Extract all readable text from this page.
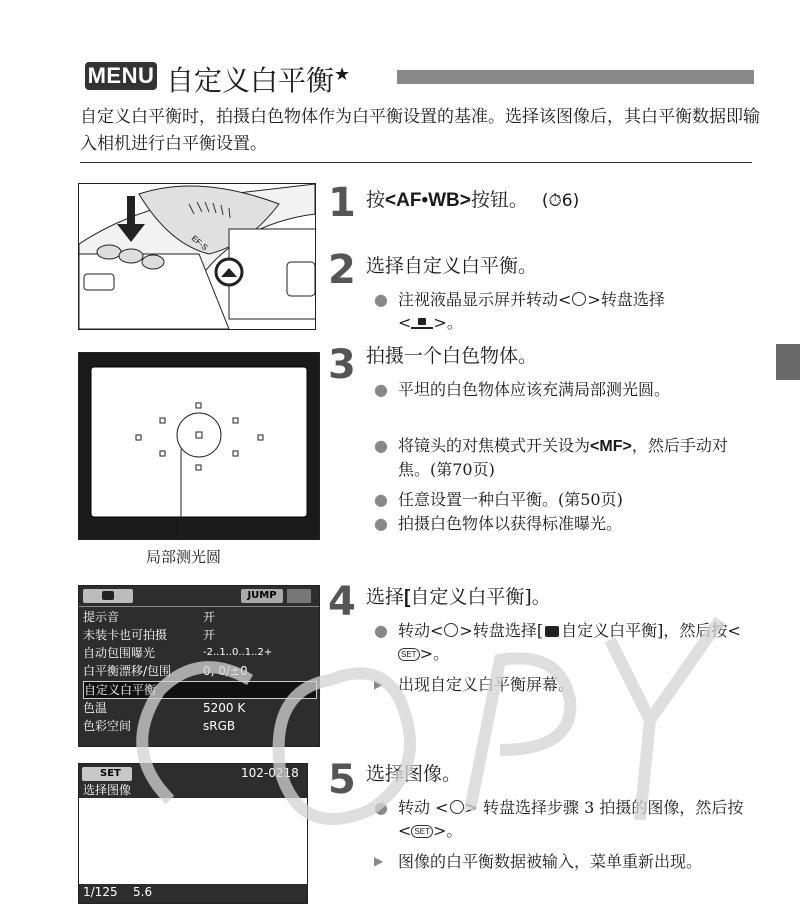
MENU 自定义白平衡★
自定义白平衡时，拍摄白色物体作为白平衡设置的基准。选择该图像后，其白平衡数据即输入相机进行白平衡设置。
EF-S
局部测光圆
JUMP
提示音	开
未装卡也可拍摄	开
自动包围曝光	-2..1..0..1..2+
白平衡漂移/包围	0, 0/±0
自定义白平衡
色温	5200 K
色彩空间	sRGB
SET	102-0218
选择图像
1/125 5.6
1 按<AF•WB>按钮。 (⏱6)
2 选择自定义白平衡。
● 注视液晶显示屏并转动< >转盘选择
< >。
3 拍摄一个白色物体。
● 平坦的白色物体应该充满局部测光圆。
● 将镜头的对焦模式开关设为<MF>，然后手动对焦。(第70页)
● 任意设置一种白平衡。(第50页)
● 拍摄白色物体以获得标准曝光。
4 选择[自定义白平衡]。
● 转动< >转盘选择[ 自定义白平衡]，然后按<SET >。
▶ 出现自定义白平衡屏幕。
5 选择图像。
● 转动 < > 转盘选择步骤 3 拍摄的图像，然后按< SET >。
▶ 图像的白平衡数据被输入，菜单重新出现。
